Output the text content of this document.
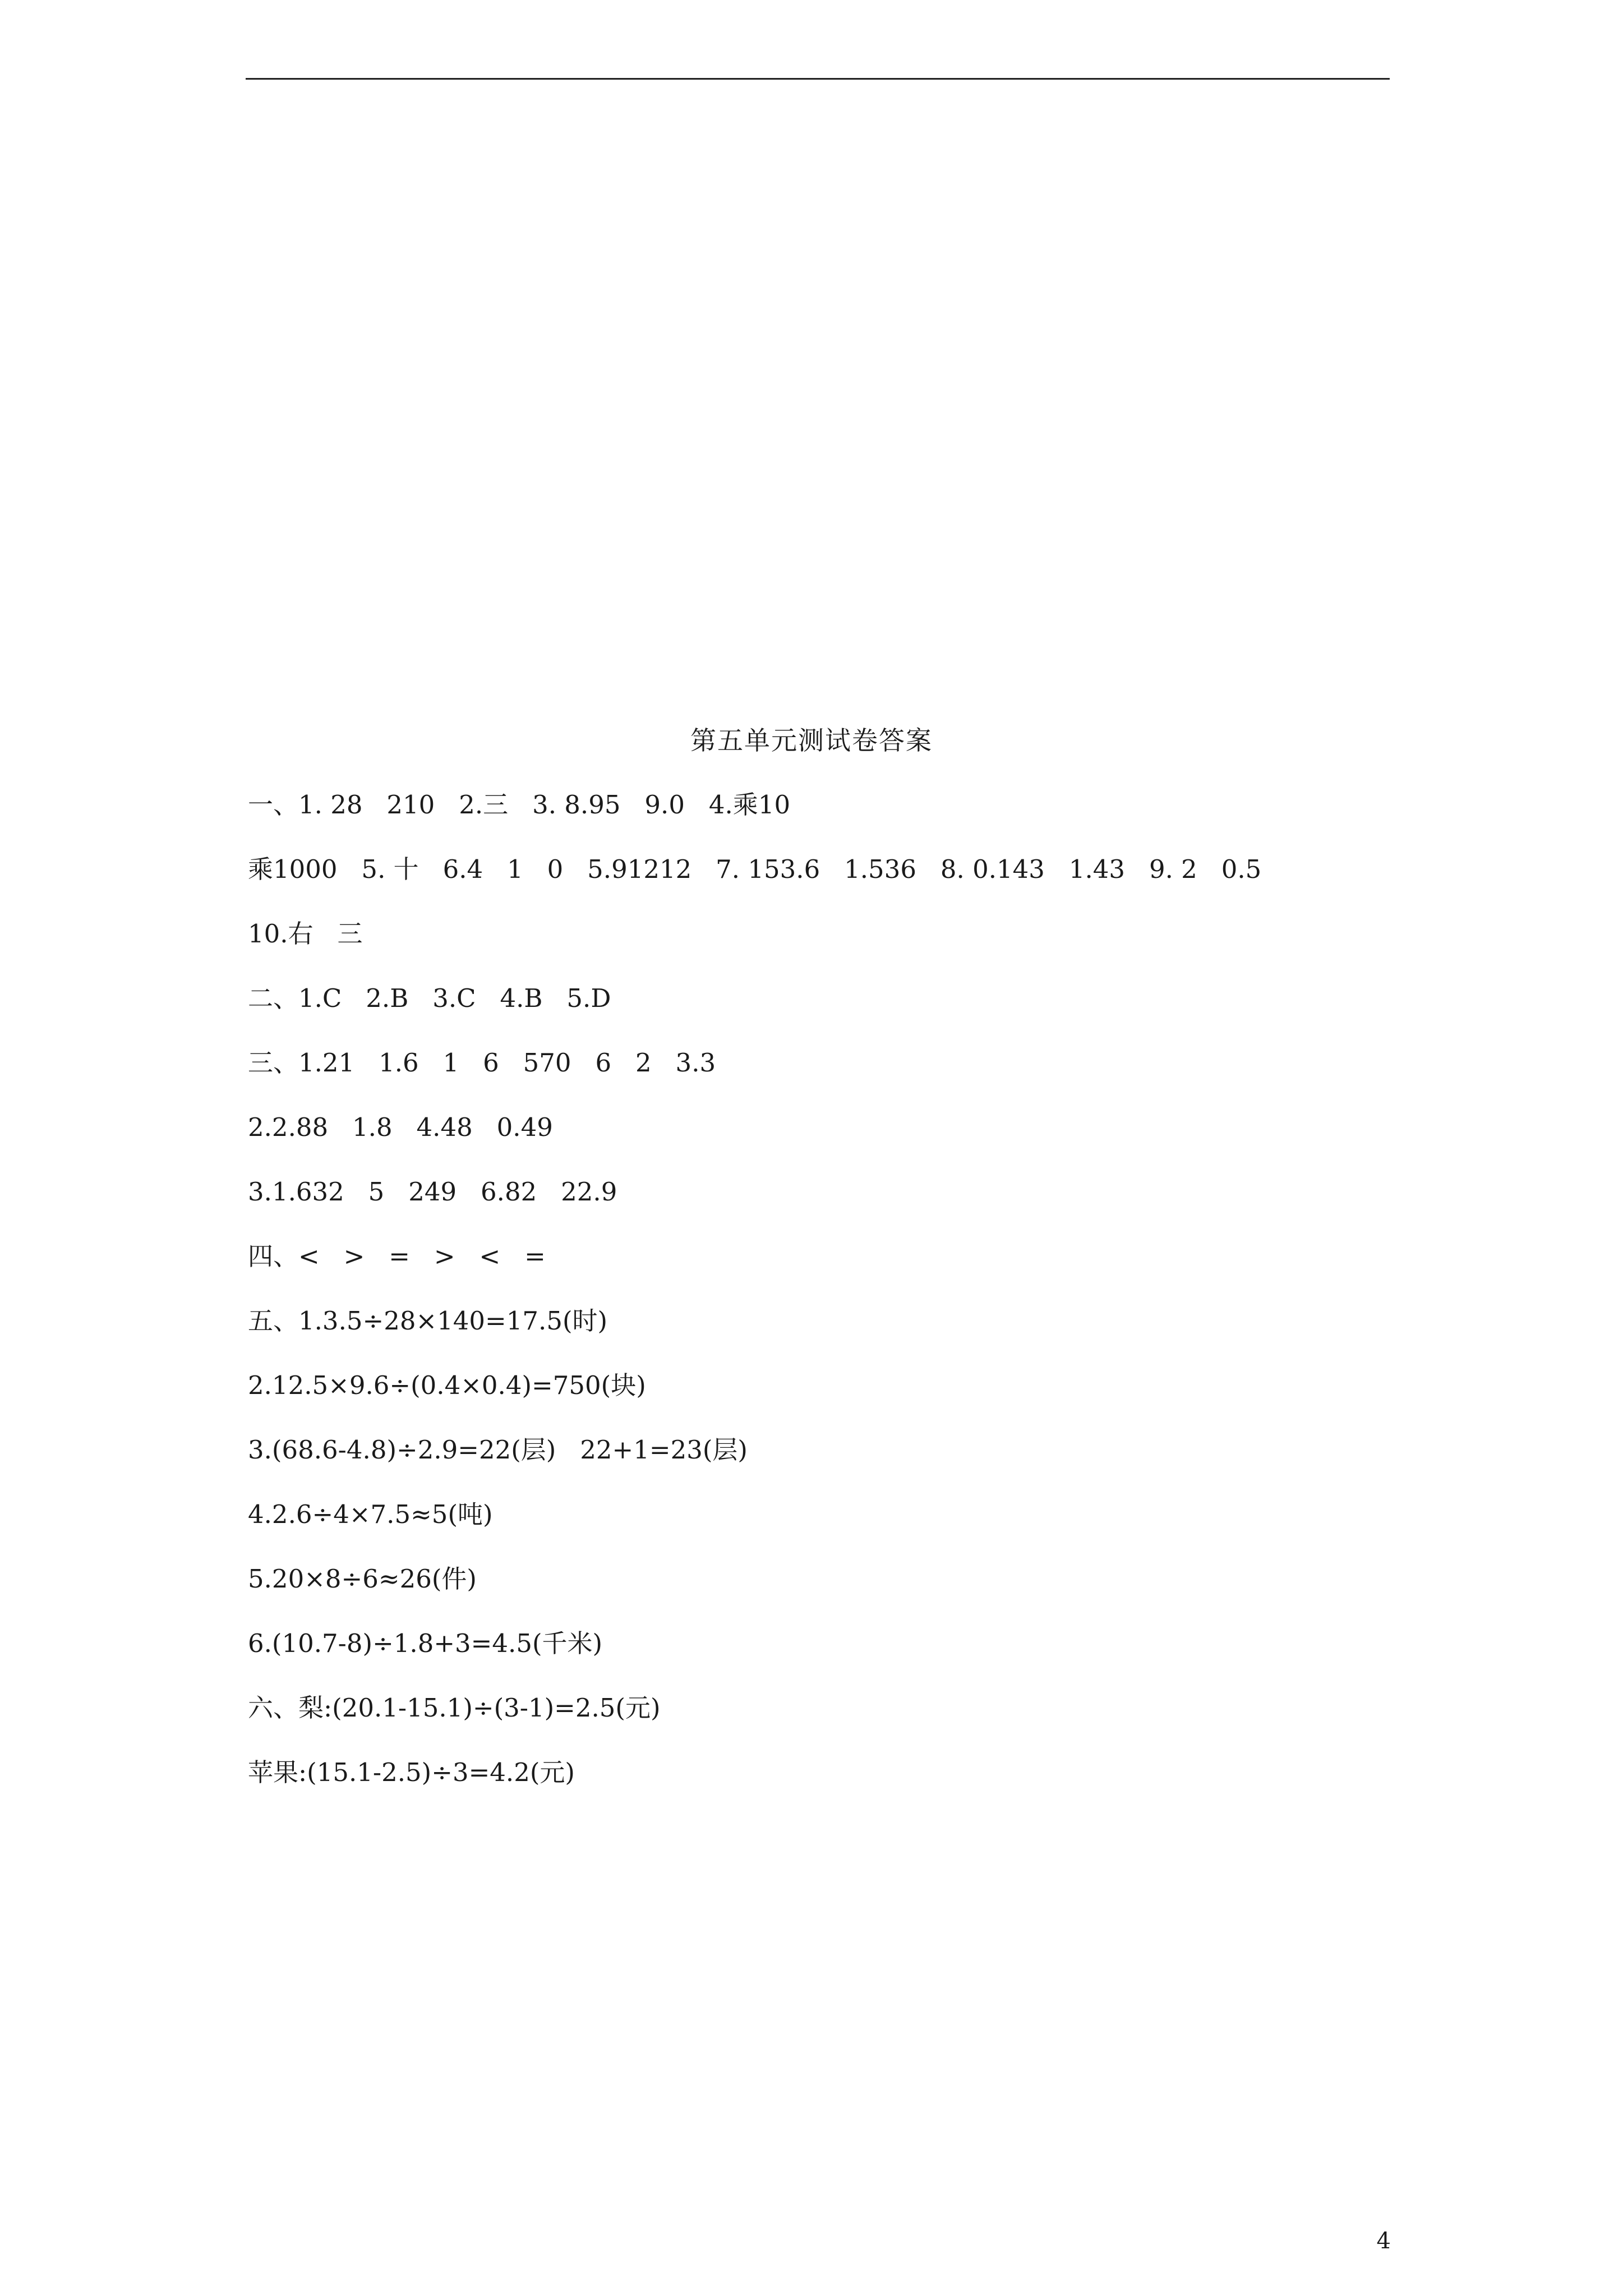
第五单元测试卷答案
一、1. 28   210   2.三   3. 8.95   9.0   4.乘10
乘1000   5. 十   6.4   1   0   5.91212   7. 153.6   1.536   8. 0.143   1.43   9. 2   0.5
10.右   三
二、1.C   2.B   3.C   4.B   5.D
三、1.21   1.6   1   6   570   6   2   3.3
2.2.88   1.8   4.48   0.49
3.1.632   5   249   6.82   22.9
四、<   >   =   >   <   =
五、1.3.5÷28×140=17.5(时)
2.12.5×9.6÷(0.4×0.4)=750(块)
3.(68.6-4.8)÷2.9=22(层)   22+1=23(层)
4.2.6÷4×7.5≈5(吨)
5.20×8÷6≈26(件)
6.(10.7-8)÷1.8+3=4.5(千米)
六、梨:(20.1-15.1)÷(3-1)=2.5(元)
苹果:(15.1-2.5)÷3=4.2(元)
4
